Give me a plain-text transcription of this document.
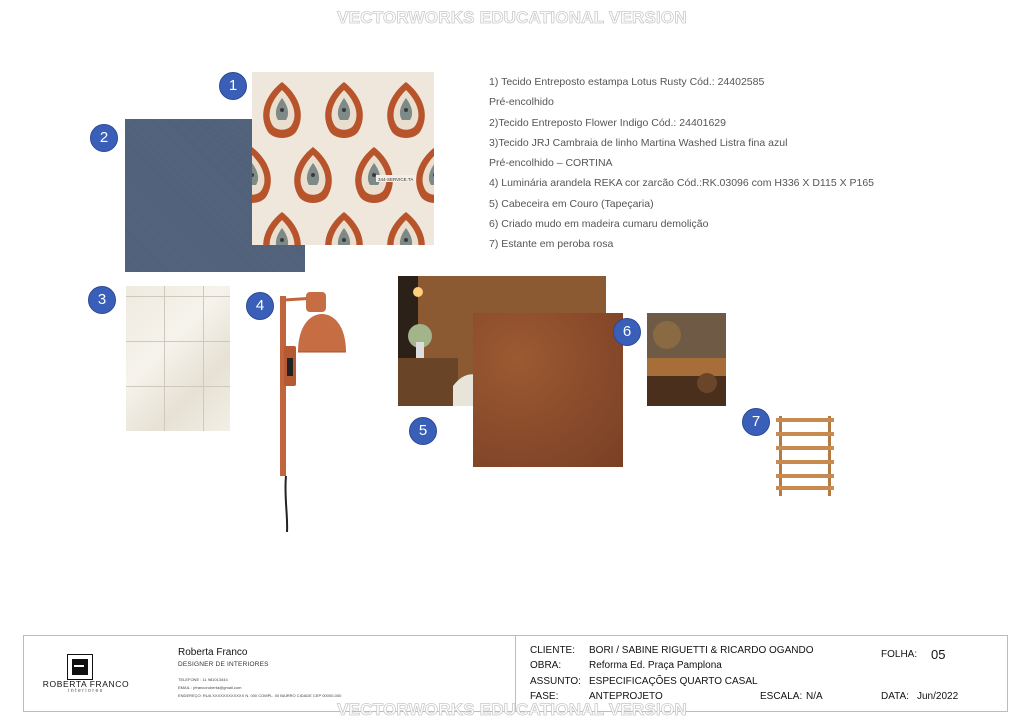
VECTORWORKS EDUCATIONAL VERSION
344-SERVICE.TA
1
2
3	4
5
6
7
1) Tecido Entreposto estampa Lotus Rusty Cód.: 24402585
Pré-encolhido
2)Tecido Entreposto Flower Indigo Cód.: 24401629
3)Tecido JRJ Cambraia de linho Martina Washed Listra fina azul
Pré-encolhido – CORTINA
4) Luminária arandela REKA cor zarcão Cód.:RK.03096 com H336 X D115 X P165
5) Cabeceira em Couro (Tapeçaria)
6) Criado mudo em madeira cumaru demolição
7) Estante em peroba rosa
ROBERTA FRANCO
interiores
Roberta Franco
DESIGNER DE INTERIORES
TELEFONE : 11 981013444
EMAIL : jrfrancoroberta@gmail.com
ENDEREÇO: RUA XXXXXXXXXXXX N. 000 COMPL. 00 BAIRRO CIDADE CEP 00000-000
CLIENTE: BORI / SABINE RIGUETTI & RICARDO OGANDO
OBRA:	Reforma Ed. Praça Pamplona
ASSUNTO: ESPECIFICAÇÕES QUARTO CASAL
FASE:	ANTEPROJETO	ESCALA: N/A
FOLHA: 05
DATA: Jun/2022
VECTORWORKS EDUCATIONAL VERSION
